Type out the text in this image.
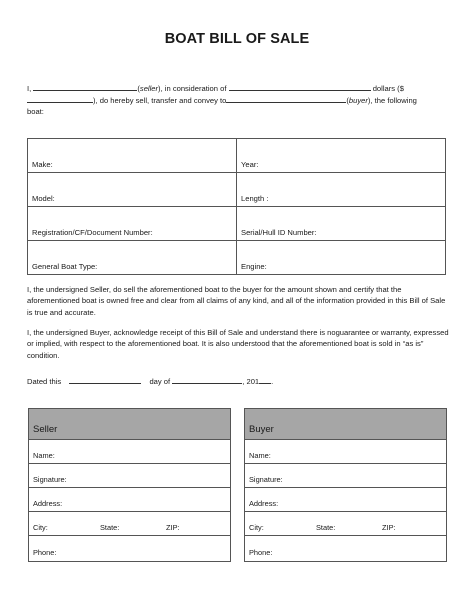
BOAT BILL OF SALE
I,	(seller), in consideration of	dollars ($
), do hereby sell, transfer and convey to	(buyer), the following
boat:
Make:	Year:
Model:	Length :
Registration/CF/Document Number:	Serial/Hull ID Number:
General Boat Type:	Engine:
I, the undersigned Seller, do sell the aforementioned boat to the buyer for the amount shown and certify that the aforementioned boat is owned free and clear from all claims of any kind, and all of the information provided in this Bill of Sale is true and accurate.
I, the undersigned Buyer, acknowledge receipt of this Bill of Sale and understand there is noguarantee or warranty, expressed or implied, with respect to the aforementioned boat. It is also understood that the aforementioned boat is sold in “as is” condition.
Dated this	day of	, 201 .
Seller
Name:
Signature:
Address:
City:	State:	ZIP:
Phone:
Buyer
Name:
Signature:
Address:
City:	State:	ZIP:
Phone:
